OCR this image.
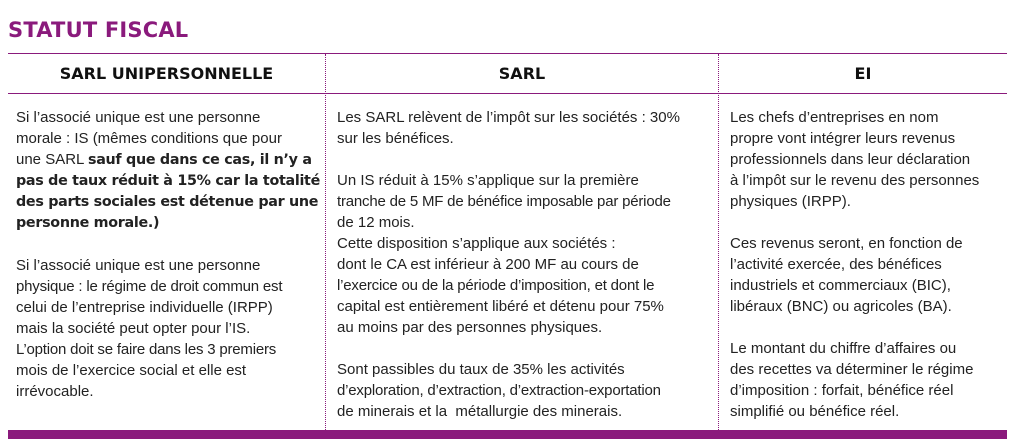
STATUT FISCAL
SARL UNIPERSONNELLE	SARL	EI
Si l’associé unique est une personne
morale : IS (mêmes conditions que pour
une SARL sauf que dans ce cas, il n’y a
pas de taux réduit à 15% car la totalité
des parts sociales est détenue par une
personne morale.)
Si l’associé unique est une personne
physique : le régime de droit commun est
celui de l’entreprise individuelle (IRPP)
mais la société peut opter pour l’IS.
L’option doit se faire dans les 3 premiers
mois de l’exercice social et elle est
irrévocable.
Les SARL relèvent de l’impôt sur les sociétés : 30%
sur les bénéfices.
Un IS réduit à 15% s’applique sur la première
tranche de 5 MF de bénéfice imposable par période
de 12 mois.
Cette disposition s’applique aux sociétés :
dont le CA est inférieur à 200 MF au cours de
l’exercice ou de la période d’imposition, et dont le
capital est entièrement libéré et détenu pour 75%
au moins par des personnes physiques.
Sont passibles du taux de 35% les activités
d’exploration, d’extraction, d’extraction-exportation
de minerais et la  métallurgie des minerais.
Les chefs d’entreprises en nom
propre vont intégrer leurs revenus
professionnels dans leur déclaration
à l’impôt sur le revenu des personnes
physiques (IRPP).
Ces revenus seront, en fonction de
l’activité exercée, des bénéfices
industriels et commerciaux (BIC),
libéraux (BNC) ou agricoles (BA).
Le montant du chiffre d’affaires ou
des recettes va déterminer le régime
d’imposition : forfait, bénéfice réel
simplifié ou bénéfice réel.
